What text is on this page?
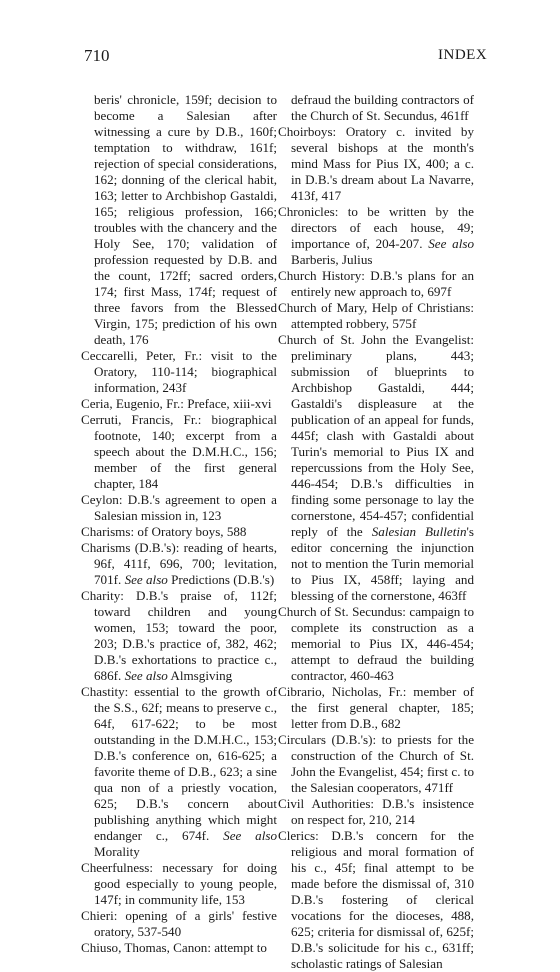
710	INDEX
beris' chronicle, 159f; decision to become a Salesian after witnessing a cure by D.B., 160f; temptation to withdraw, 161f; rejection of special considerations, 162; donning of the clerical habit, 163; letter to Archbishop Gastaldi, 165; religious profession, 166; troubles with the chancery and the Holy See, 170; validation of profession requested by D.B. and the count, 172ff; sacred orders, 174; first Mass, 174f; request of three favors from the Blessed Virgin, 175; prediction of his own death, 176
Ceccarelli, Peter, Fr.: visit to the Oratory, 110-114; biographical information, 243f
Ceria, Eugenio, Fr.: Preface, xiii-xvi
Cerruti, Francis, Fr.: biographical footnote, 140; excerpt from a speech about the D.M.H.C., 156; member of the first general chapter, 184
Ceylon: D.B.'s agreement to open a Salesian mission in, 123
Charisms: of Oratory boys, 588
Charisms (D.B.'s): reading of hearts, 96f, 411f, 696, 700; levitation, 701f. See also Predictions (D.B.'s)
Charity: D.B.'s praise of, 112f; toward children and young women, 153; toward the poor, 203; D.B.'s practice of, 382, 462; D.B.'s exhortations to practice c., 686f. See also Almsgiving
Chastity: essential to the growth of the S.S., 62f; means to preserve c., 64f, 617-622; to be most outstanding in the D.M.H.C., 153; D.B.'s conference on, 616-625; a favorite theme of D.B., 623; a sine qua non of a priestly vocation, 625; D.B.'s concern about publishing anything which might endanger c., 674f. See also Morality
Cheerfulness: necessary for doing good especially to young people, 147f; in community life, 153
Chieri: opening of a girls' festive oratory, 537-540
Chiuso, Thomas, Canon: attempt to
defraud the building contractors of the Church of St. Secundus, 461ff
Choirboys: Oratory c. invited by several bishops at the month's mind Mass for Pius IX, 400; a c. in D.B.'s dream about La Navarre, 413f, 417
Chronicles: to be written by the directors of each house, 49; importance of, 204-207. See also Barberis, Julius
Church History: D.B.'s plans for an entirely new approach to, 697f
Church of Mary, Help of Christians: attempted robbery, 575f
Church of St. John the Evangelist: preliminary plans, 443; submission of blueprints to Archbishop Gastaldi, 444; Gastaldi's displeasure at the publication of an appeal for funds, 445f; clash with Gastaldi about Turin's memorial to Pius IX and repercussions from the Holy See, 446-454; D.B.'s difficulties in finding some personage to lay the cornerstone, 454-457; confidential reply of the Salesian Bulletin's editor concerning the injunction not to mention the Turin memorial to Pius IX, 458ff; laying and blessing of the cornerstone, 463ff
Church of St. Secundus: campaign to complete its construction as a memorial to Pius IX, 446-454; attempt to defraud the building contractor, 460-463
Cibrario, Nicholas, Fr.: member of the first general chapter, 185; letter from D.B., 682
Circulars (D.B.'s): to priests for the construction of the Church of St. John the Evangelist, 454; first c. to the Salesian cooperators, 471ff
Civil Authorities: D.B.'s insistence on respect for, 210, 214
Clerics: D.B.'s concern for the religious and moral formation of his c., 45f; final attempt to be made before the dismissal of, 310 D.B.'s fostering of clerical vocations for the dioceses, 488, 625; criteria for dismissal of, 625f; D.B.'s solicitude for his c., 631ff; scholastic ratings of Salesian
